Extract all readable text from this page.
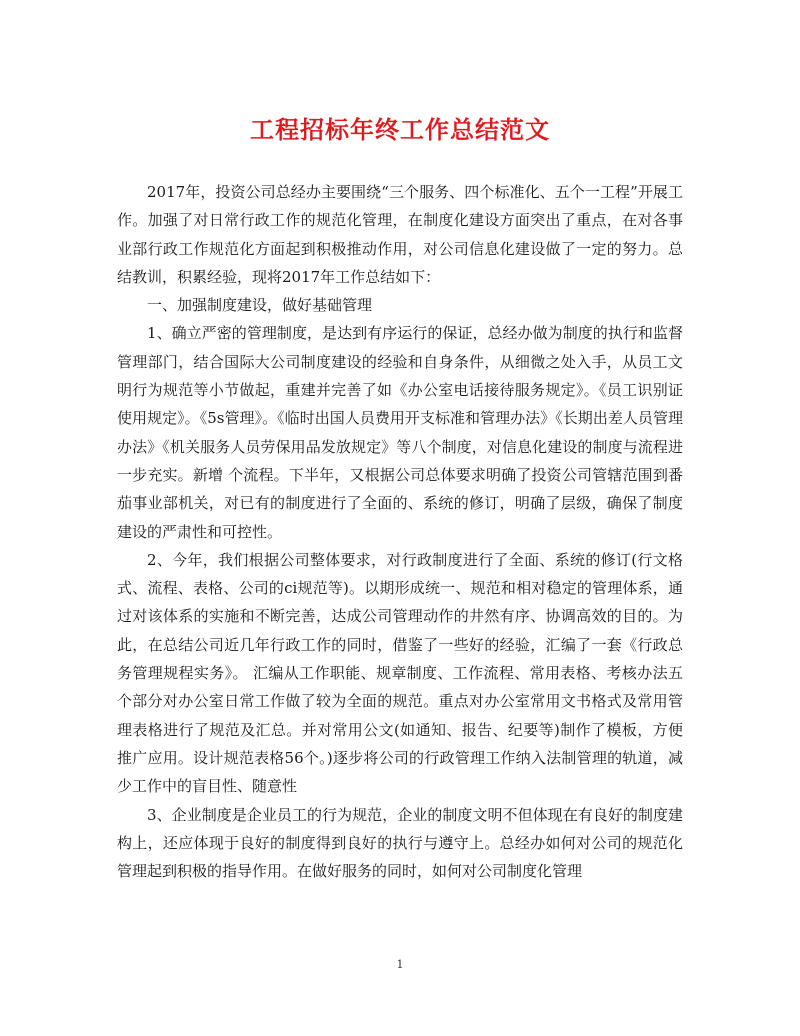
工程招标年终工作总结范文

2017年，投资公司总经办主要围绕“三个服务、四个标准化、五个一工程”开展工作。加强了对日常行政工作的规范化管理，在制度化建设方面突出了重点，在对各事业部行政工作规范化方面起到积极推动作用，对公司信息化建设做了一定的努力。总结教训，积累经验，现将2017年工作总结如下：

一、加强制度建设，做好基础管理

1、确立严密的管理制度，是达到有序运行的保证，总经办做为制度的执行和监督管理部门，结合国际大公司制度建设的经验和自身条件，从细微之处入手，从员工文明行为规范等小节做起，重建并完善了如《办公室电话接待服务规定》。《员工识别证使用规定》。《5s管理》。《临时出国人员费用开支标准和管理办法》《长期出差人员管理办法》《机关服务人员劳保用品发放规定》等八个制度，对信息化建设的制度与流程进一步充实。新增 个流程。下半年，又根据公司总体要求明确了投资公司管辖范围到番茄事业部机关，对已有的制度进行了全面的、系统的修订，明确了层级，确保了制度建设的严肃性和可控性。

2、今年，我们根据公司整体要求，对行政制度进行了全面、系统的修订(行文格式、流程、表格、公司的ci规范等)。以期形成统一、规范和相对稳定的管理体系，通过对该体系的实施和不断完善，达成公司管理动作的井然有序、协调高效的目的。为此，在总结公司近几年行政工作的同时，借鉴了一些好的经验，汇编了一套《行政总务管理规程实务》。 汇编从工作职能、规章制度、工作流程、常用表格、考核办法五个部分对办公室日常工作做了较为全面的规范。重点对办公室常用文书格式及常用管理表格进行了规范及汇总。并对常用公文(如通知、报告、纪要等)制作了模板，方便推广应用。设计规范表格56个。)逐步将公司的行政管理工作纳入法制管理的轨道，减少工作中的盲目性、随意性

3、企业制度是企业员工的行为规范，企业的制度文明不但体现在有良好的制度建构上，还应体现于良好的制度得到良好的执行与遵守上。总经办如何对公司的规范化管理起到积极的指导作用。在做好服务的同时，如何对公司制度化管理

1
